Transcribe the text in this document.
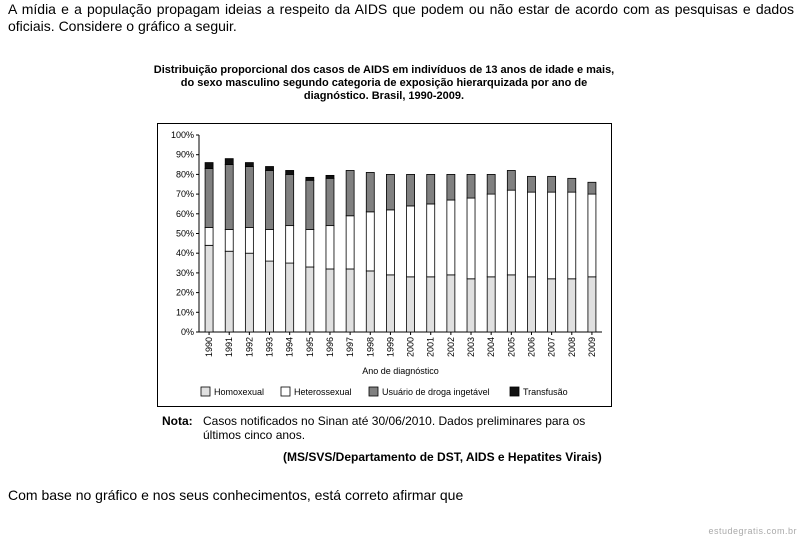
A mídia e a população propagam ideias a respeito da AIDS que podem ou não estar de acordo com as pesquisas e dados oficiais. Considere o gráfico a seguir.
Distribuição proporcional dos casos de AIDS em indivíduos de 13 anos de idade e mais, do sexo masculino segundo categoria de exposição hierarquizada por ano de diagnóstico. Brasil, 1990-2009.
0%
10%
20%
30%
40%
50%
60%
70%
80%
90%
100%
1990 1991 1992 1993 1994 1995 1996 1997 1998 1999 2000 2001 2002 2003 2004 2005 2006 2007 2008 2009
Ano de diagnóstico
Homoxexual	Heterossexual	Usuário de droga ingetável	Transfusão
Nota: Casos notificados no Sinan até 30/06/2010. Dados preliminares para os últimos cinco anos.
(MS/SVS/Departamento de DST, AIDS e Hepatites Virais)
Com base no gráfico e nos seus conhecimentos, está correto afirmar que
estudegratis.com.br
